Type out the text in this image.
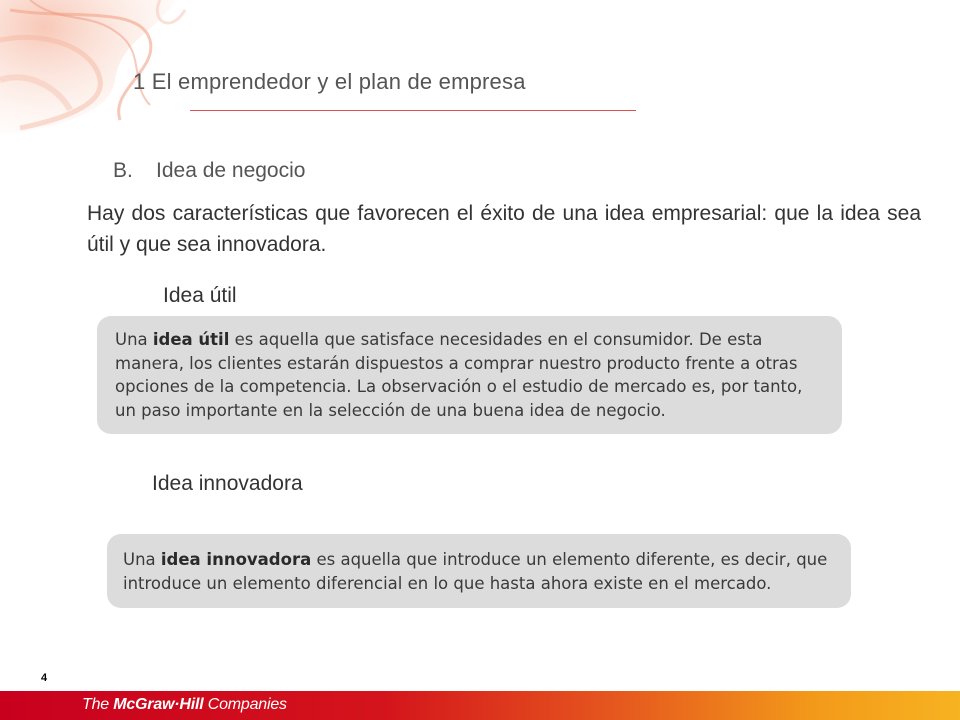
1 El emprendedor y el plan de empresa
B. Idea de negocio
Hay dos características que favorecen el éxito de una idea empresarial: que la idea sea útil y que sea innovadora.
Idea útil
Una idea útil es aquella que satisface necesidades en el consumidor. De esta manera, los clientes estarán dispuestos a comprar nuestro producto frente a otras opciones de la competencia. La observación o el estudio de mercado es, por tanto, un paso importante en la selección de una buena idea de negocio.
Idea innovadora
Una idea innovadora es aquella que introduce un elemento diferente, es decir, que introduce un elemento diferencial en lo que hasta ahora existe en el mercado.
4
The McGraw·Hill Companies
